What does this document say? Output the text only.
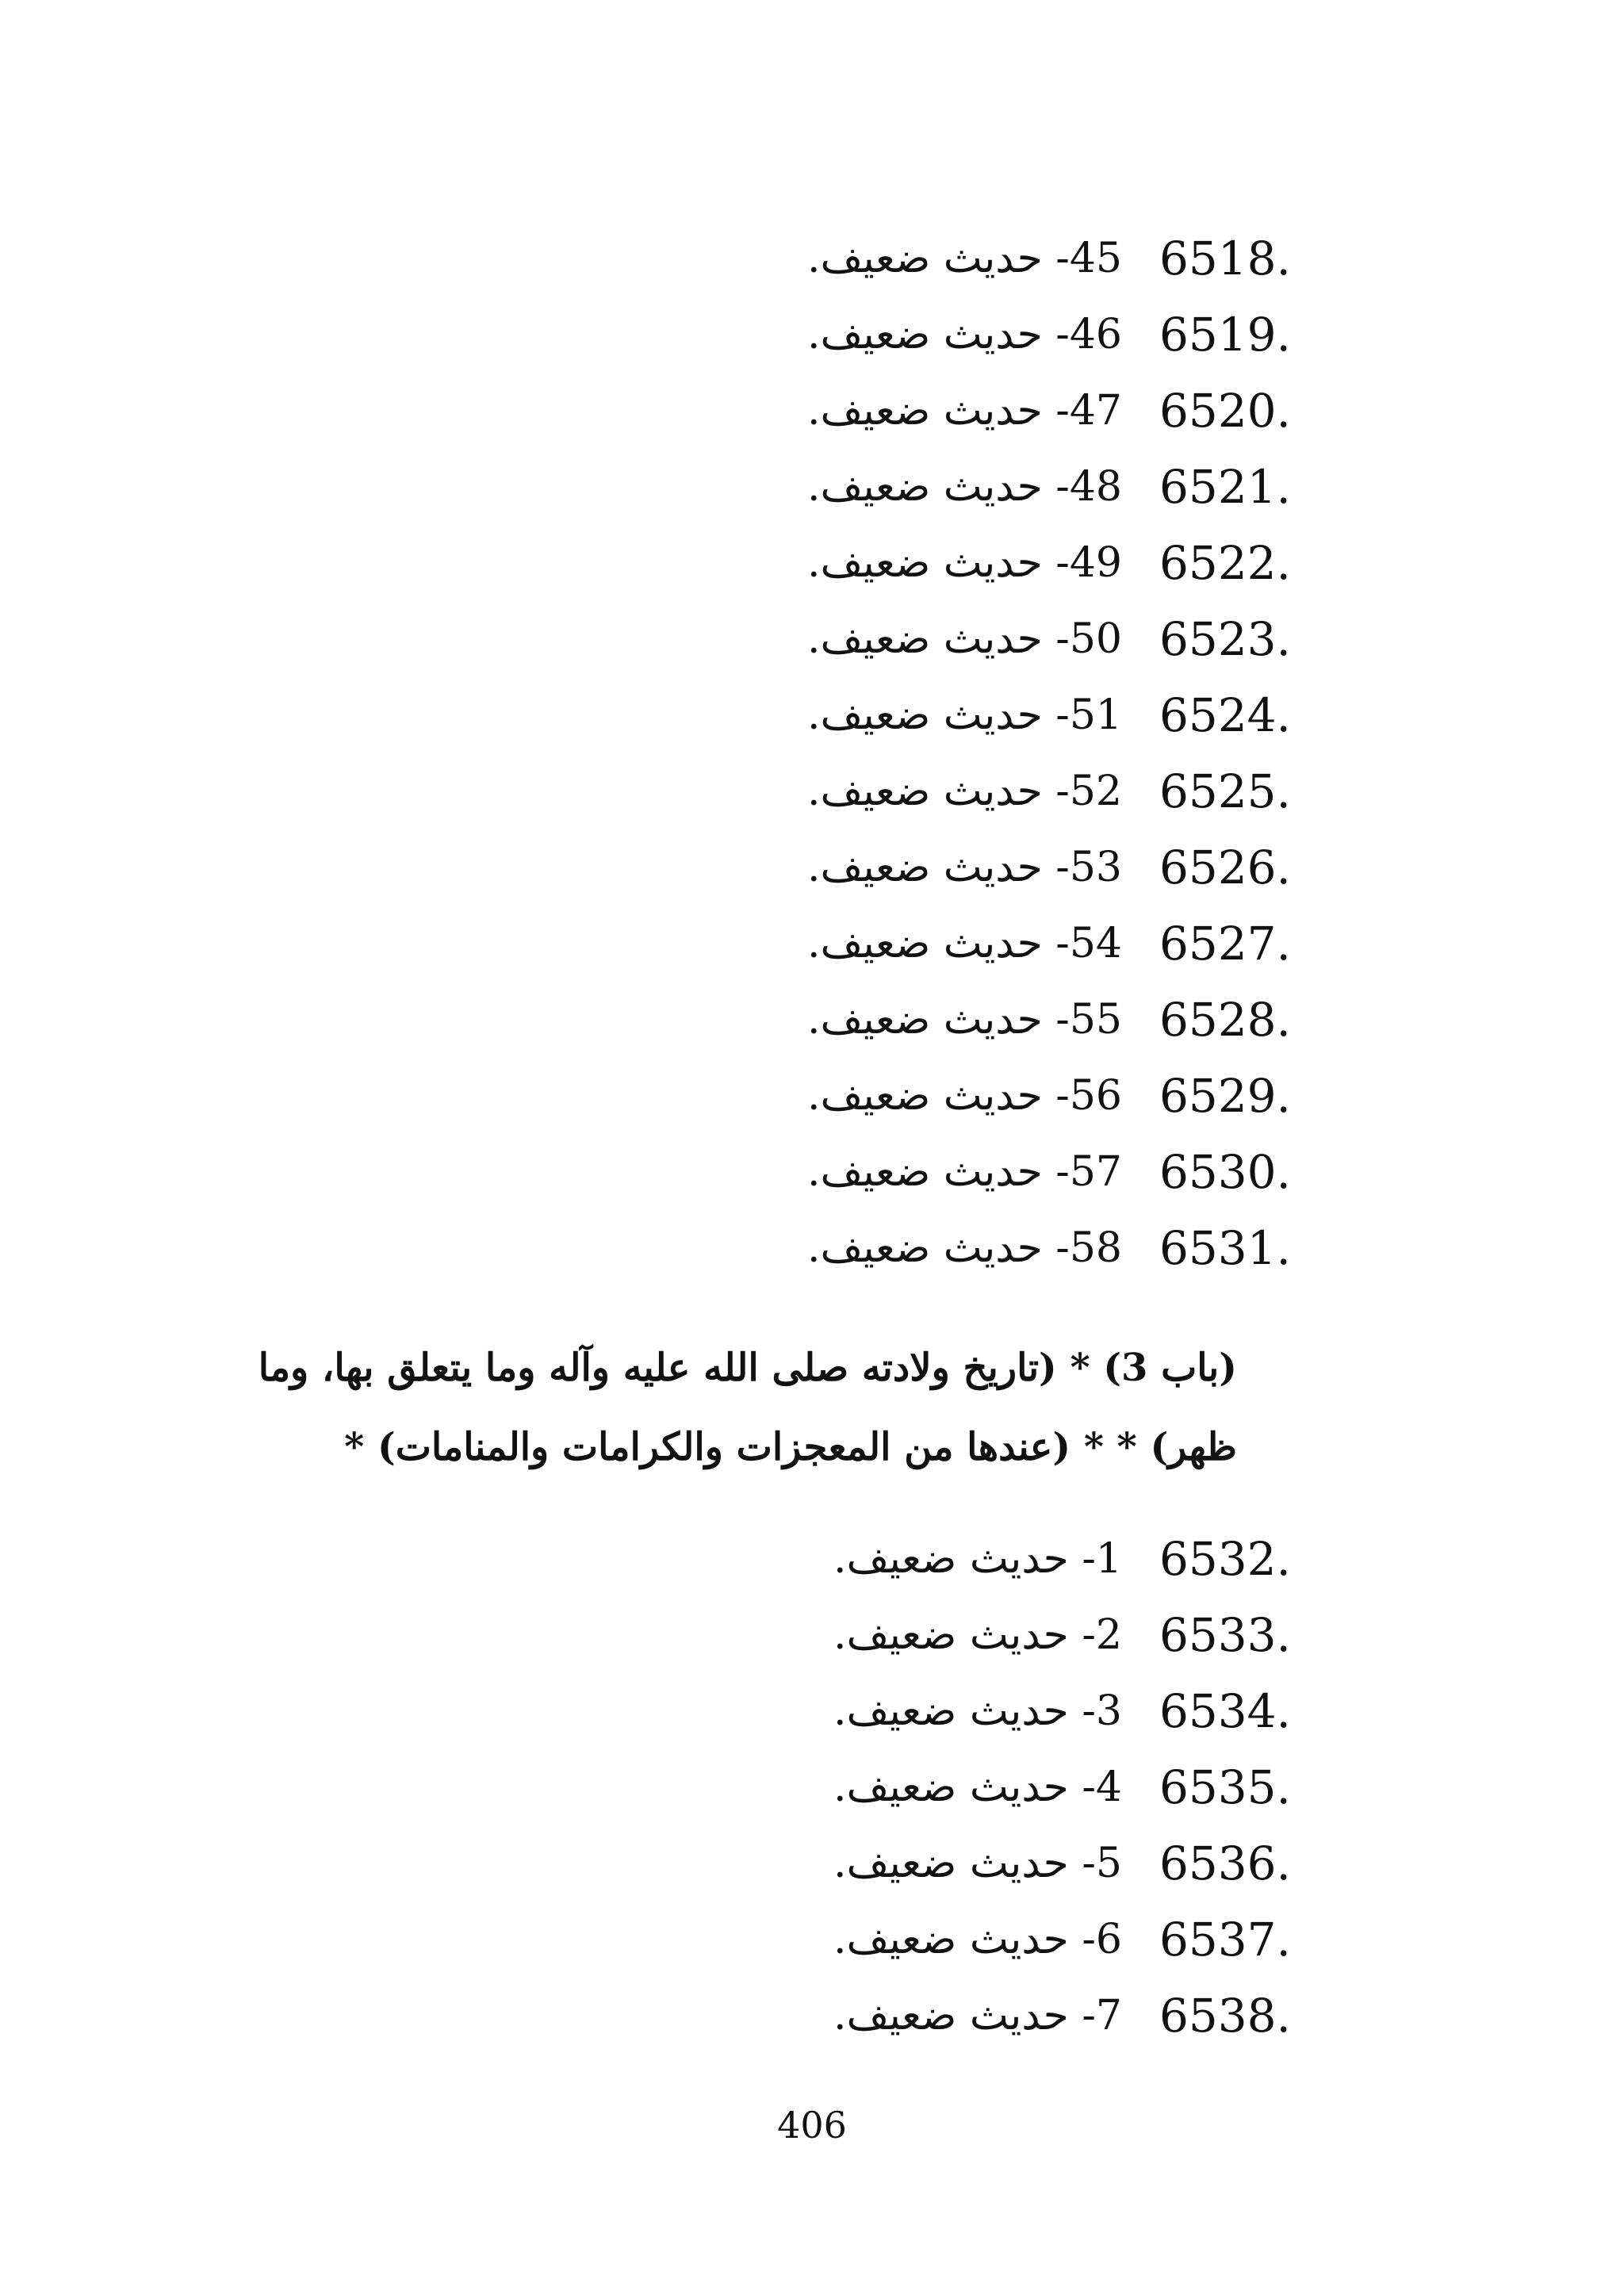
6518.
45- حديث ضعيف.
6519.
46- حديث ضعيف.
6520.
47- حديث ضعيف.
6521.
48- حديث ضعيف.
6522.
49- حديث ضعيف.
6523.
50- حديث ضعيف.
6524.
51- حديث ضعيف.
6525.
52- حديث ضعيف.
6526.
53- حديث ضعيف.
6527.
54- حديث ضعيف.
6528.
55- حديث ضعيف.
6529.
56- حديث ضعيف.
6530.
57- حديث ضعيف.
6531.
58- حديث ضعيف.
(باب 3) * (تاريخ ولادته صلى الله عليه وآله وما يتعلق بها، وما
ظهر) * * (عندها من المعجزات والكرامات والمنامات) *
6532.
1- حديث ضعيف.
6533.
2- حديث ضعيف.
6534.
3- حديث ضعيف.
6535.
4- حديث ضعيف.
6536.
5- حديث ضعيف.
6537.
6- حديث ضعيف.
6538.
7- حديث ضعيف.
406
